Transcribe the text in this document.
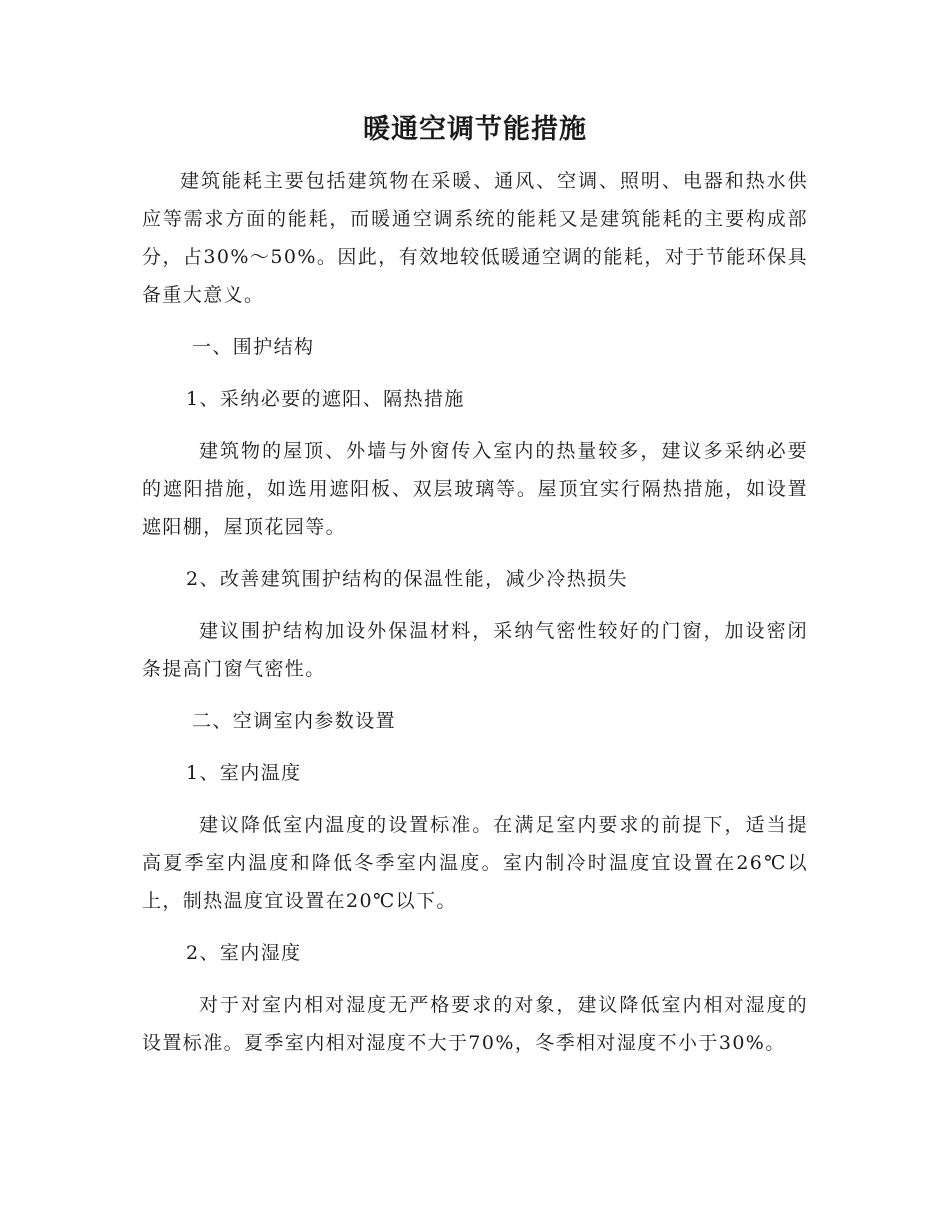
暖通空调节能措施

建筑能耗主要包括建筑物在采暖、通风、空调、照明、电器和热水供应等需求方面的能耗，而暖通空调系统的能耗又是建筑能耗的主要构成部分，占30%～50%。因此，有效地较低暖通空调的能耗，对于节能环保具备重大意义。

一、围护结构

1、采纳必要的遮阳、隔热措施

建筑物的屋顶、外墙与外窗传入室内的热量较多，建议多采纳必要的遮阳措施，如选用遮阳板、双层玻璃等。屋顶宜实行隔热措施，如设置遮阳棚，屋顶花园等。

2、改善建筑围护结构的保温性能，减少冷热损失

建议围护结构加设外保温材料，采纳气密性较好的门窗，加设密闭条提高门窗气密性。

二、空调室内参数设置

1、室内温度

建议降低室内温度的设置标准。在满足室内要求的前提下，适当提高夏季室内温度和降低冬季室内温度。室内制冷时温度宜设置在26℃以上，制热温度宜设置在20℃以下。

2、室内湿度

对于对室内相对湿度无严格要求的对象，建议降低室内相对湿度的设置标准。夏季室内相对湿度不大于70%，冬季相对湿度不小于30%。
